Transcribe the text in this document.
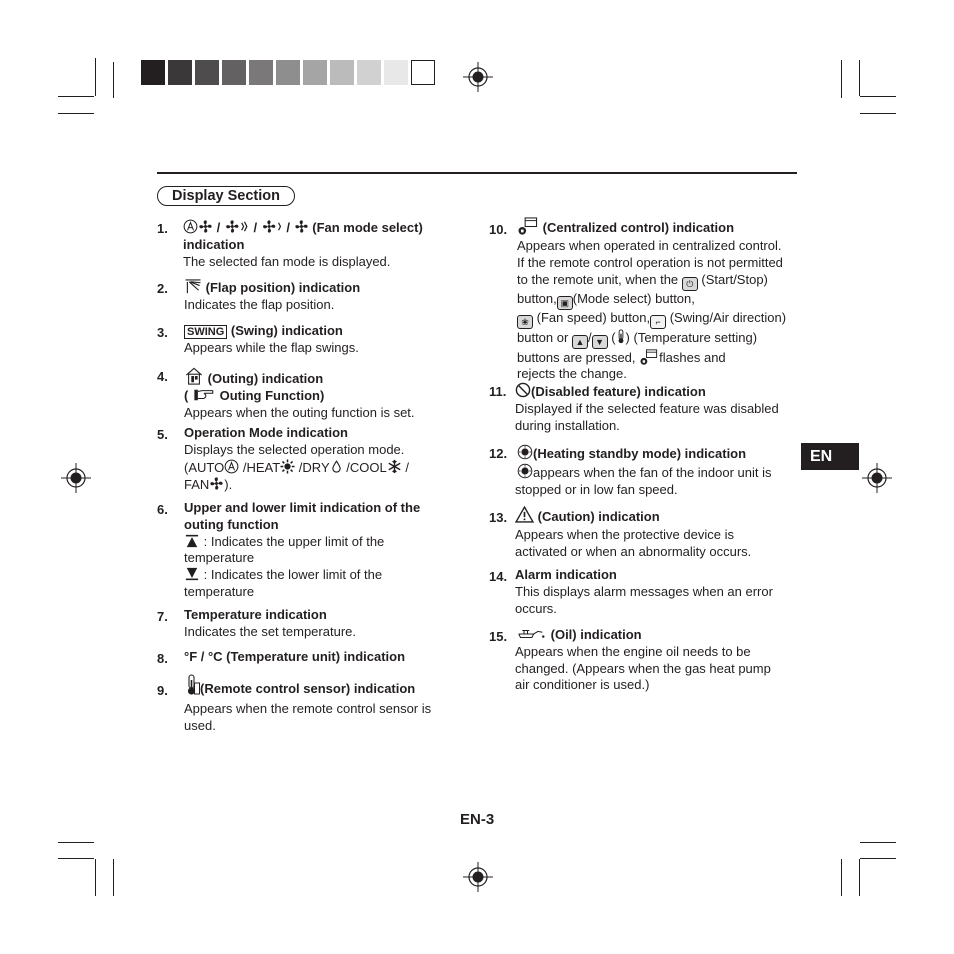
Display Section
1.	/	/ / (Fan mode select)
indication
The selected fan mode is displayed.
2.	(Flap position) indication
Indicates the flap position.
3. SWING (Swing) indication
Appears while the flap swings.
4.	(Outing) indication
( Outing Function)
Appears when the outing function is set.
5. Operation Mode indication
Displays the selected operation mode.
(AUTO /HEAT /DRY /COOL /
FAN ).
6. Upper and lower limit indication of the
outing function
: Indicates the upper limit of the
temperature
: Indicates the lower limit of the
temperature
7. Temperature indication
Indicates the set temperature.
8. °F / °C (Temperature unit) indication
9.	(Remote control sensor) indication
Appears when the remote control sensor is
used.
10.	(Centralized control) indication
Appears when operated in centralized control.
If the remote control operation is not permitted
to the remote unit, when the ⏻ (Start/Stop)
button, ▣ (Mode select) button,
❀ (Fan speed) button, ⌐ (Swing/Air direction)
button or ▲ / ▼ ( ) (Temperature setting)
buttons are pressed, flashes and
rejects the change.
11.	(Disabled feature) indication
Displayed if the selected feature was disabled
during installation.
12.	(Heating standby mode) indication
appears when the fan of the indoor unit is
stopped or in low fan speed.
13.	(Caution) indication
Appears when the protective device is
activated or when an abnormality occurs.
14. Alarm indication
This displays alarm messages when an error
occurs.
15.	(Oil) indication
Appears when the engine oil needs to be
changed. (Appears when the gas heat pump
air conditioner is used.)
EN
EN-3
